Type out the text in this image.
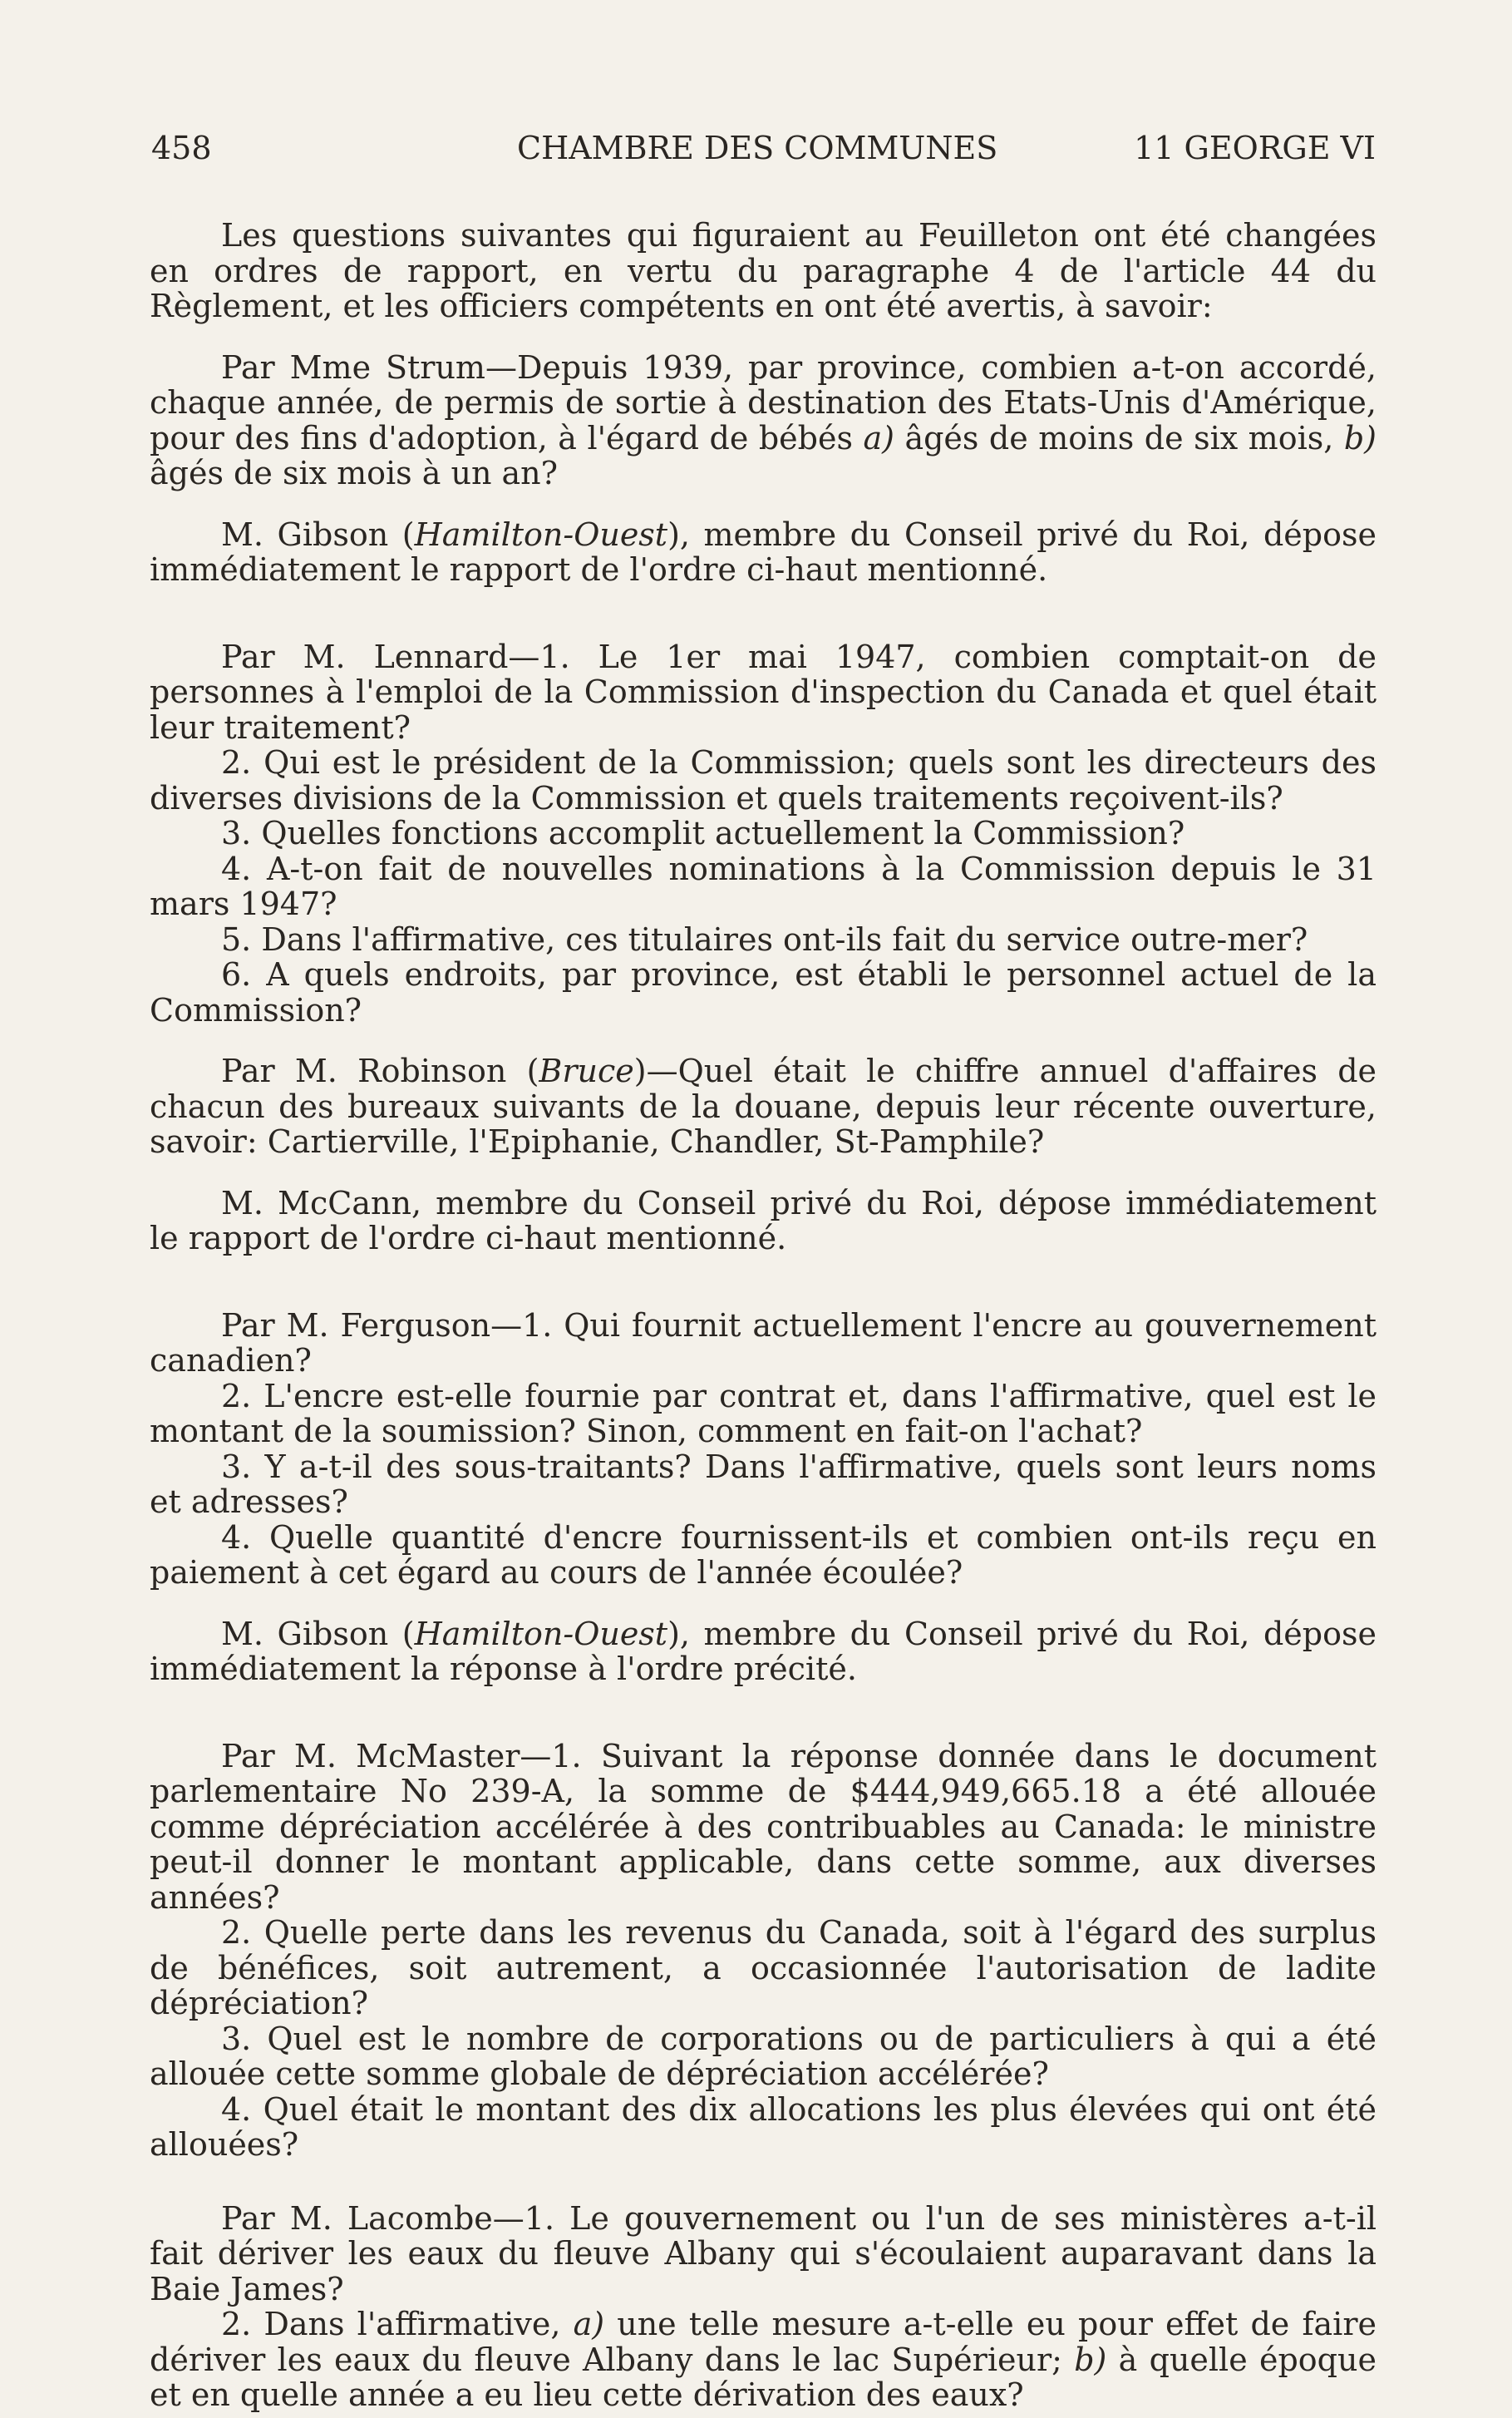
458	CHAMBRE DES COMMUNES	11 GEORGE VI

Les questions suivantes qui figuraient au Feuilleton ont été changées en ordres de rapport, en vertu du paragraphe 4 de l'article 44 du Règlement, et les officiers compétents en ont été avertis, à savoir:

Par Mme Strum—Depuis 1939, par province, combien a-t-on accordé, chaque année, de permis de sortie à destination des Etats-Unis d'Amérique, pour des fins d'adoption, à l'égard de bébés a) âgés de moins de six mois, b) âgés de six mois à un an?

M. Gibson (Hamilton-Ouest), membre du Conseil privé du Roi, dépose immédiatement le rapport de l'ordre ci-haut mentionné.

Par M. Lennard—1. Le 1er mai 1947, combien comptait-on de personnes à l'emploi de la Commission d'inspection du Canada et quel était leur traitement?

2. Qui est le président de la Commission; quels sont les directeurs des diverses divisions de la Commission et quels traitements reçoivent-ils?

3. Quelles fonctions accomplit actuellement la Commission?

4. A-t-on fait de nouvelles nominations à la Commission depuis le 31 mars 1947?

5. Dans l'affirmative, ces titulaires ont-ils fait du service outre-mer?

6. A quels endroits, par province, est établi le personnel actuel de la Commission?

Par M. Robinson (Bruce)—Quel était le chiffre annuel d'affaires de chacun des bureaux suivants de la douane, depuis leur récente ouverture, savoir: Cartierville, l'Epiphanie, Chandler, St-Pamphile?

M. McCann, membre du Conseil privé du Roi, dépose immédiatement le rapport de l'ordre ci-haut mentionné.

Par M. Ferguson—1. Qui fournit actuellement l'encre au gouvernement canadien?

2. L'encre est-elle fournie par contrat et, dans l'affirmative, quel est le montant de la soumission? Sinon, comment en fait-on l'achat?

3. Y a-t-il des sous-traitants? Dans l'affirmative, quels sont leurs noms et adresses?

4. Quelle quantité d'encre fournissent-ils et combien ont-ils reçu en paiement à cet égard au cours de l'année écoulée?

M. Gibson (Hamilton-Ouest), membre du Conseil privé du Roi, dépose immédiatement la réponse à l'ordre précité.

Par M. McMaster—1. Suivant la réponse donnée dans le document parlementaire No 239-A, la somme de $444,949,665.18 a été allouée comme dépréciation accélérée à des contribuables au Canada: le ministre peut-il donner le montant applicable, dans cette somme, aux diverses années?

2. Quelle perte dans les revenus du Canada, soit à l'égard des surplus de bénéfices, soit autrement, a occasionnée l'autorisation de ladite dépréciation?

3. Quel est le nombre de corporations ou de particuliers à qui a été allouée cette somme globale de dépréciation accélérée?

4. Quel était le montant des dix allocations les plus élevées qui ont été allouées?

Par M. Lacombe—1. Le gouvernement ou l'un de ses ministères a-t-il fait dériver les eaux du fleuve Albany qui s'écoulaient auparavant dans la Baie James?

2. Dans l'affirmative, a) une telle mesure a-t-elle eu pour effet de faire dériver les eaux du fleuve Albany dans le lac Supérieur; b) à quelle époque et en quelle année a eu lieu cette dérivation des eaux?
